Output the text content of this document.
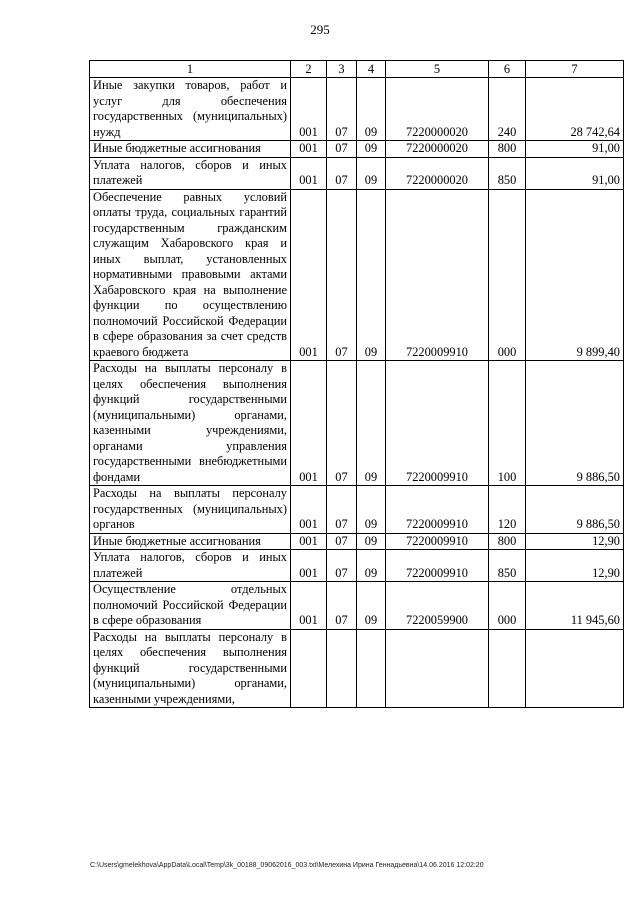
295
1	2	3	4	5	6	7
Иные закупки товаров, работ и услуг для обеспечения государственных (муниципальных) нужд	001	07	09	7220000020	240	28 742,64
Иные бюджетные ассигнования	001	07	09	7220000020	800	91,00
Уплата налогов, сборов и иных платежей	001	07	09	7220000020	850	91,00
Обеспечение равных условий оплаты труда, социальных гарантий государственным гражданским служащим Хабаровского края и иных выплат, установленных нормативными правовыми актами Хабаровского края на выполнение функции по осуществлению полномочий Российской Федерации в сфере образования за счет средств краевого бюджета	001	07	09	7220009910	000	9 899,40
Расходы на выплаты персоналу в целях обеспечения выполнения функций государственными (муниципальными) органами, казенными учреждениями, органами управления государственными внебюджетными фондами	001	07	09	7220009910	100	9 886,50
Расходы на выплаты персоналу государственных (муниципальных) органов	001	07	09	7220009910	120	9 886,50
Иные бюджетные ассигнования	001	07	09	7220009910	800	12,90
Уплата налогов, сборов и иных платежей	001	07	09	7220009910	850	12,90
Осуществление отдельных полномочий Российской Федерации в сфере образования	001	07	09	7220059900	000	11 945,60
Расходы на выплаты персоналу в целях обеспечения выполнения функций государственными (муниципальными) органами, казенными учреждениями,						
C:\Users\gmelekhova\AppData\Local\Temp\3k_00188_09062016_003.txt\Мелехина Ирина Геннадьевна\14.06.2016 12:02:20
